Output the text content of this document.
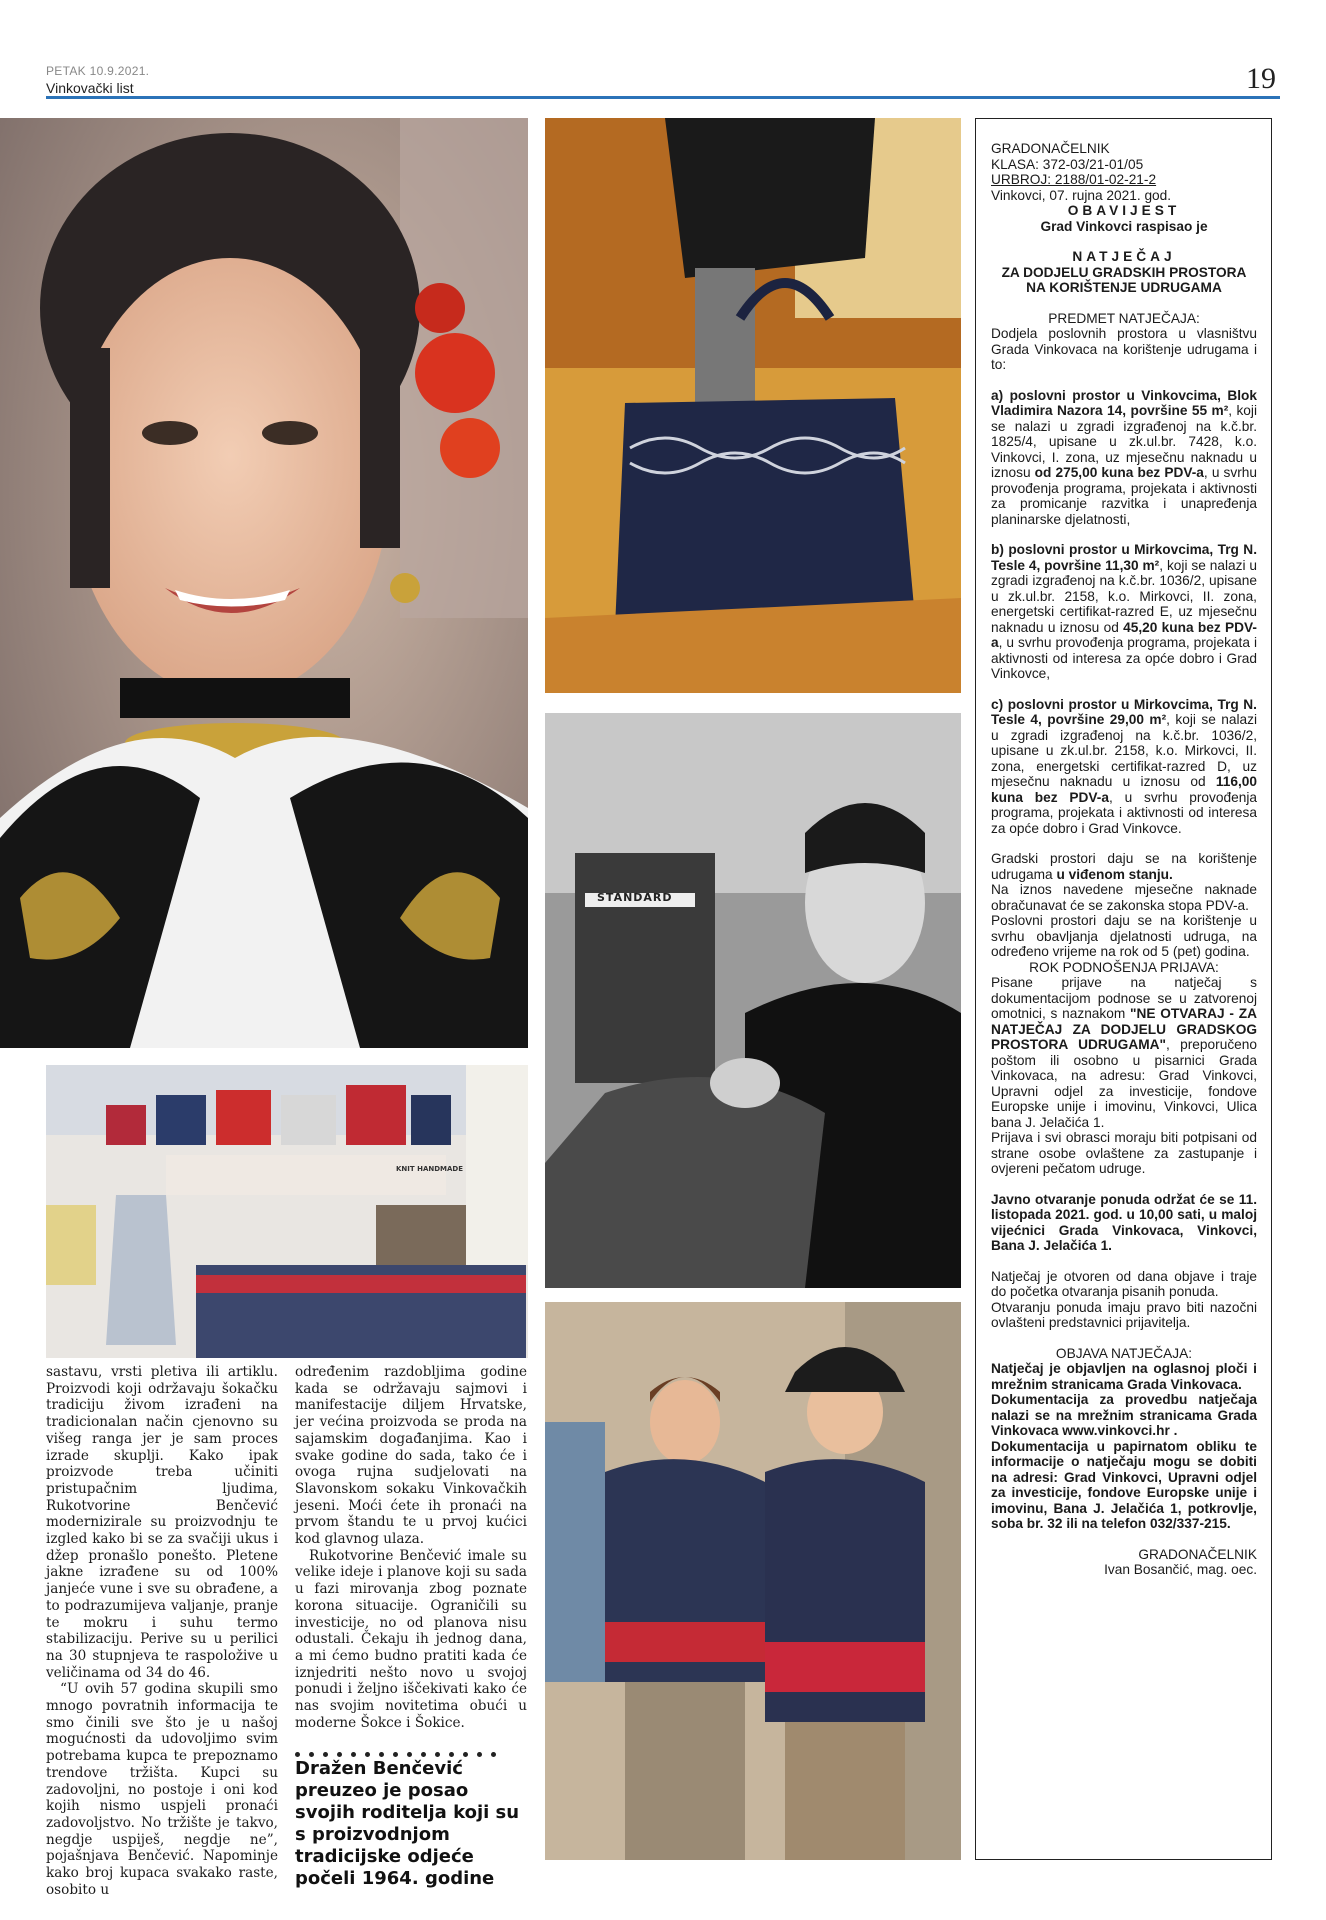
PETAK 10.9.2021.
Vinkovački list	19
STANDARD
KNIT HANDMADE

sastavu, vrsti pletiva ili artiklu. Proizvodi koji održavaju šokačku tradiciju živom izrađeni na tradicionalan način cjenovno su višeg ranga jer je sam proces izrade skuplji. Kako ipak proizvode treba učiniti pristupačnim ljudima, Rukotvorine Benčević modernizirale su proizvodnju te izgled kako bi se za svačiji ukus i džep pronašlo ponešto. Pletene jakne izrađene su od 100% janjeće vune i sve su obrađene, a to podrazumijeva valjanje, pranje te mokru i suhu termo stabilizaciju. Perive su u perilici na 30 stupnjeva te raspoložive u veličinama od 34 do 46.

“U ovih 57 godina skupili smo mnogo povratnih informacija te smo činili sve što je u našoj mogućnosti da udovoljimo svim potrebama kupca te prepoznamo trendove tržišta. Kupci su zadovoljni, no postoje i oni kod kojih nismo uspjeli pronaći zadovoljstvo. No tržište je takvo, negdje uspiješ, negdje ne”, pojašnjava Benčević. Napominje kako broj kupaca svakako raste, osobito u

određenim razdobljima godine kada se održavaju sajmovi i manifestacije diljem Hrvatske, jer većina proizvoda se proda na sajamskim događanjima. Kao i svake godine do sada, tako će i ovoga rujna sudjelovati na Slavonskom sokaku Vinkovačkih jeseni. Moći ćete ih pronaći na prvom štandu te u prvoj kućici kod glavnog ulaza.

Rukotvorine Benčević imale su velike ideje i planove koji su sada u fazi mirovanja zbog poznate korona situacije. Ograničili su investicije, no od planova nisu odustali. Čekaju ih jednog dana, a mi ćemo budno pratiti kada će iznjedriti nešto novo u svojoj ponudi i željno iščekivati kako će nas svojim novitetima obući u moderne Šokce i Šokice.

Dražen Benčević preuzeo je posao svojih roditelja koji su s proizvodnjom tradicijske odjeće počeli 1964. godine

GRADONAČELNIK

KLASA: 372-03/21-01/05

URBROJ: 2188/01-02-21-2

Vinkovci, 07. rujna 2021. god.

OBAVIJEST

Grad Vinkovci raspisao je

NATJEČAJ

ZA DODJELU GRADSKIH PROSTORA NA KORIŠTENJE UDRUGAMA

PREDMET NATJEČAJA:

Dodjela poslovnih prostora u vlasništvu Grada Vinkovaca na korištenje udrugama i to:

a) poslovni prostor u Vinkovcima, Blok Vladimira Nazora 14, površine 55 m², koji se nalazi u zgradi izgrađenoj na k.č.br. 1825/4, upisane u zk.ul.br. 7428, k.o. Vinkovci, I. zona, uz mjesečnu naknadu u iznosu od 275,00 kuna bez PDV-a, u svrhu provođenja programa, projekata i aktivnosti za promicanje razvitka i unapređenja planinarske djelatnosti,

b) poslovni prostor u Mirkovcima, Trg N. Tesle 4, površine 11,30 m², koji se nalazi u zgradi izgrađenoj na k.č.br. 1036/2, upisane u zk.ul.br. 2158, k.o. Mirkovci, II. zona, energetski certifikat-razred E, uz mjesečnu naknadu u iznosu od 45,20 kuna bez PDV-a, u svrhu provođenja programa, projekata i aktivnosti od interesa za opće dobro i Grad Vinkovce,

c) poslovni prostor u Mirkovcima, Trg N. Tesle 4, površine 29,00 m², koji se nalazi u zgradi izgrađenoj na k.č.br. 1036/2, upisane u zk.ul.br. 2158, k.o. Mirkovci, II. zona, energetski certifikat-razred D, uz mjesečnu naknadu u iznosu od 116,00 kuna bez PDV-a, u svrhu provođenja programa, projekata i aktivnosti od interesa za opće dobro i Grad Vinkovce.

Gradski prostori daju se na korištenje udrugama u viđenom stanju.

Na iznos navedene mjesečne naknade obračunavat će se zakonska stopa PDV-a.

Poslovni prostori daju se na korištenje u svrhu obavljanja djelatnosti udruga, na određeno vrijeme na rok od 5 (pet) godina.

ROK PODNOŠENJA PRIJAVA:

Pisane prijave na natječaj s dokumentacijom podnose se u zatvorenoj omotnici, s naznakom "NE OTVARAJ - ZA NATJEČAJ ZA DODJELU GRADSKOG PROSTORA UDRUGAMA", preporučeno poštom ili osobno u pisarnici Grada Vinkovaca, na adresu: Grad Vinkovci, Upravni odjel za investicije, fondove Europske unije i imovinu, Vinkovci, Ulica bana J. Jelačića 1.

Prijava i svi obrasci moraju biti potpisani od strane osobe ovlaštene za zastupanje i ovjereni pečatom udruge.

Javno otvaranje ponuda održat će se 11. listopada 2021. god. u 10,00 sati, u maloj vijećnici Grada Vinkovaca, Vinkovci, Bana J. Jelačića 1.

Natječaj je otvoren od dana objave i traje do početka otvaranja pisanih ponuda.

Otvaranju ponuda imaju pravo biti nazočni ovlašteni predstavnici prijavitelja.

OBJAVA NATJEČAJA:

Natječaj je objavljen na oglasnoj ploči i mrežnim stranicama Grada Vinkovaca.

Dokumentacija za provedbu natječaja nalazi se na mrežnim stranicama Grada Vinkovaca www.vinkovci.hr .

Dokumentacija u papirnatom obliku te informacije o natječaju mogu se dobiti na adresi: Grad Vinkovci, Upravni odjel za investicije, fondove Europske unije i imovinu, Bana J. Jelačića 1, potkrovlje, soba br. 32 ili na telefon 032/337-215.

GRADONAČELNIK

Ivan Bosančić, mag. oec.
